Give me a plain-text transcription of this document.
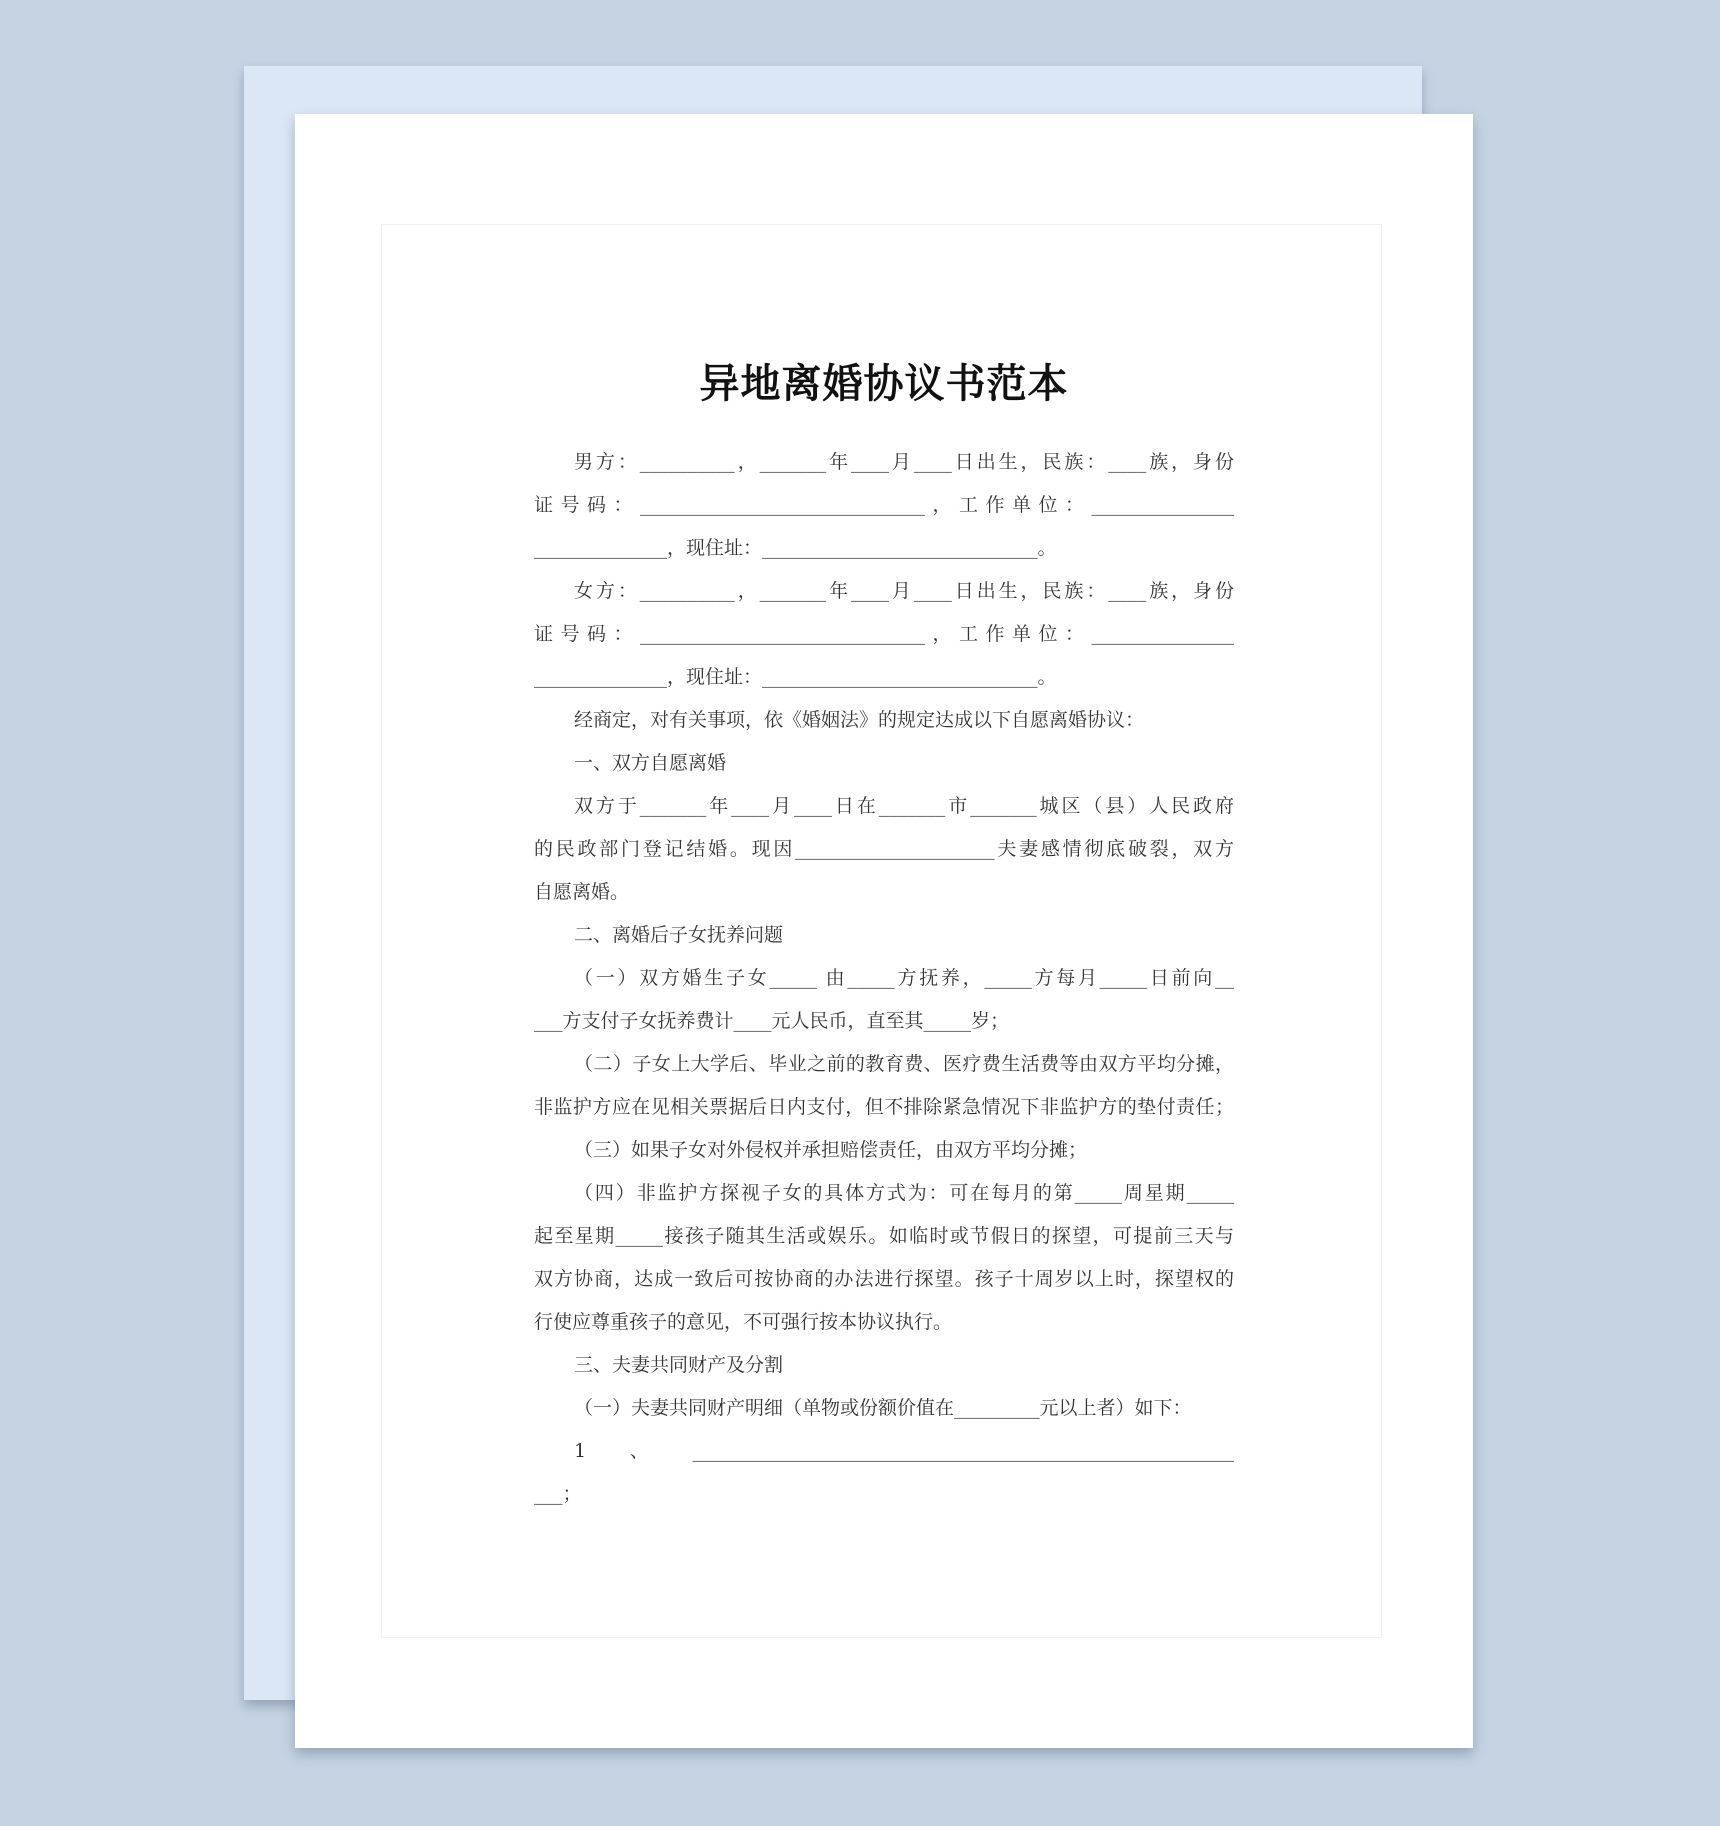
异地离婚协议书范本
男方：__________，_______年____月____日出生，民族：____族，身份
证号码：______________________________，工作单位：_______________
______________，现住址：_____________________________。
女方：__________，_______年____月____日出生，民族：____族，身份
证号码：______________________________，工作单位：_______________
______________，现住址：_____________________________。
经商定，对有关事项，依《婚姻法》的规定达成以下自愿离婚协议：
一、双方自愿离婚
双方于_______年____月____日在_______市_______城区（县）人民政府
的民政部门登记结婚。现因_____________________夫妻感情彻底破裂，双方
自愿离婚。
二、离婚后子女抚养问题
（一）双方婚生子女_____ 由_____方抚养，_____方每月_____日前向__
___方支付子女抚养费计____元人民币，直至其_____岁；
（二）子女上大学后、毕业之前的教育费、医疗费生活费等由双方平均分摊，
非监护方应在见相关票据后日内支付，但不排除紧急情况下非监护方的垫付责任；
（三）如果子女对外侵权并承担赔偿责任，由双方平均分摊；
（四）非监护方探视子女的具体方式为：可在每月的第_____周星期_____
起至星期_____接孩子随其生活或娱乐。如临时或节假日的探望，可提前三天与
双方协商，达成一致后可按协商的办法进行探望。孩子十周岁以上时，探望权的
行使应尊重孩子的意见，不可强行按本协议执行。
三、夫妻共同财产及分割
（一）夫妻共同财产明细（单物或份额价值在_________元以上者）如下：
1、_________________________________________________________
___；
